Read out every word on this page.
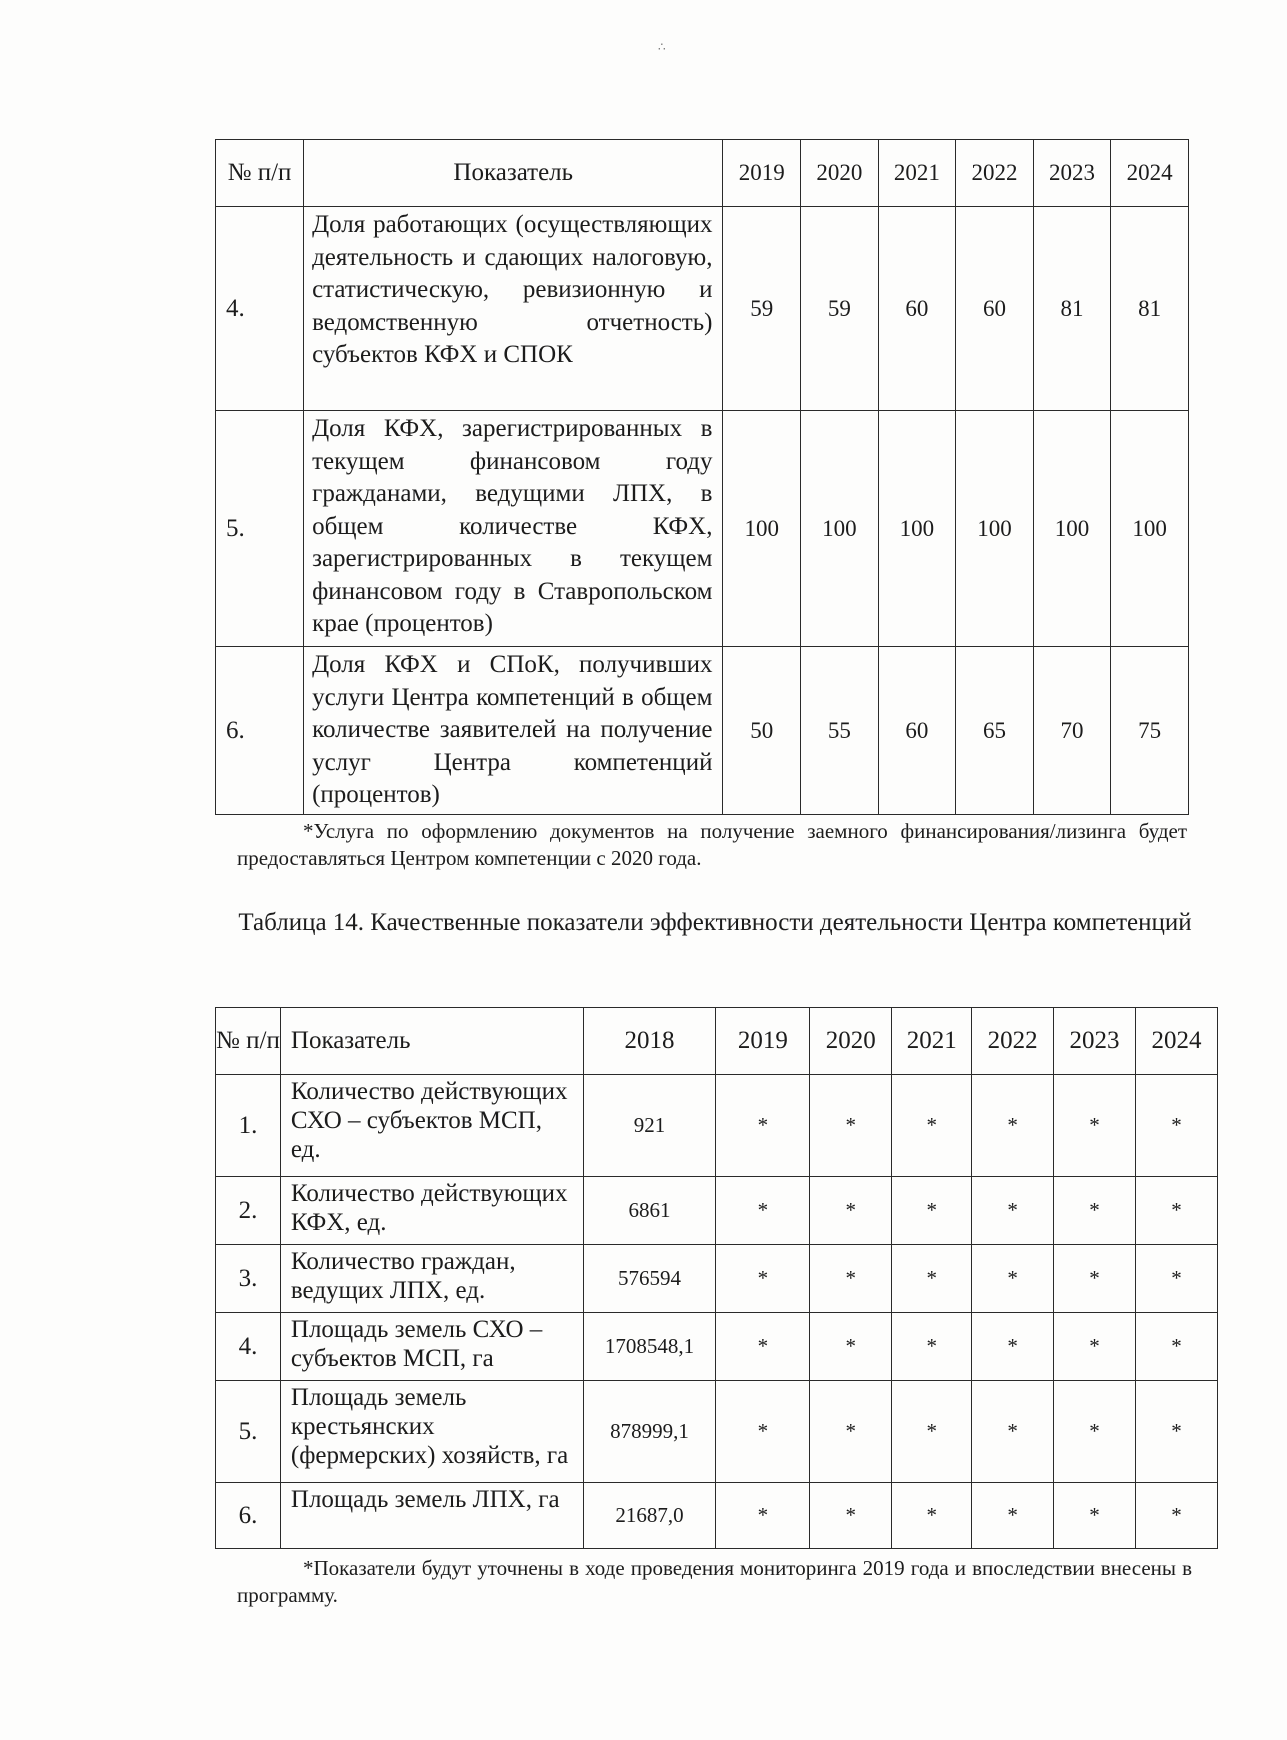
∴
№ п/п	Показатель	2019	2020	2021	2022	2023	2024
4.	Доля работающих (осуществляющих деятельность и сдающих налоговую, статистическую, ревизионную и ведомственную отчетность) субъектов КФХ и СПОК	59	59	60	60	81	81
5.	Доля КФХ, зарегистрированных в текущем финансовом году гражданами, ведущими ЛПХ, в общем количестве КФХ, зарегистрированных в текущем финансовом году в Ставропольском крае (процентов)	100	100	100	100	100	100
6.	Доля КФХ и СПоК, получивших услуги Центра компетенций в общем количестве заявителей на получение услуг Центра компетенций (процентов)	50	55	60	65	70	75
*Услуга по оформлению документов на получение заемного финансирования/лизинга будет предоставляться Центром компетенции с 2020 года.
Таблица 14. Качественные показатели эффективности деятельности Центра компетенций
№ п/п	Показатель	2018	2019	2020	2021	2022	2023	2024
1.	Количество действующих СХО – субъектов МСП, ед.	921	*	*	*	*	*	*
2.	Количество действующих КФХ, ед.	6861	*	*	*	*	*	*
3.	Количество граждан, ведущих ЛПХ, ед.	576594	*	*	*	*	*	*
4.	Площадь земель СХО – субъектов МСП, га	1708548,1	*	*	*	*	*	*
5.	Площадь земель крестьянских (фермерских) хозяйств, га	878999,1	*	*	*	*	*	*
6.	Площадь земель ЛПХ, га	21687,0	*	*	*	*	*	*
*Показатели будут уточнены в ходе проведения мониторинга 2019 года и впоследствии внесены в программу.
